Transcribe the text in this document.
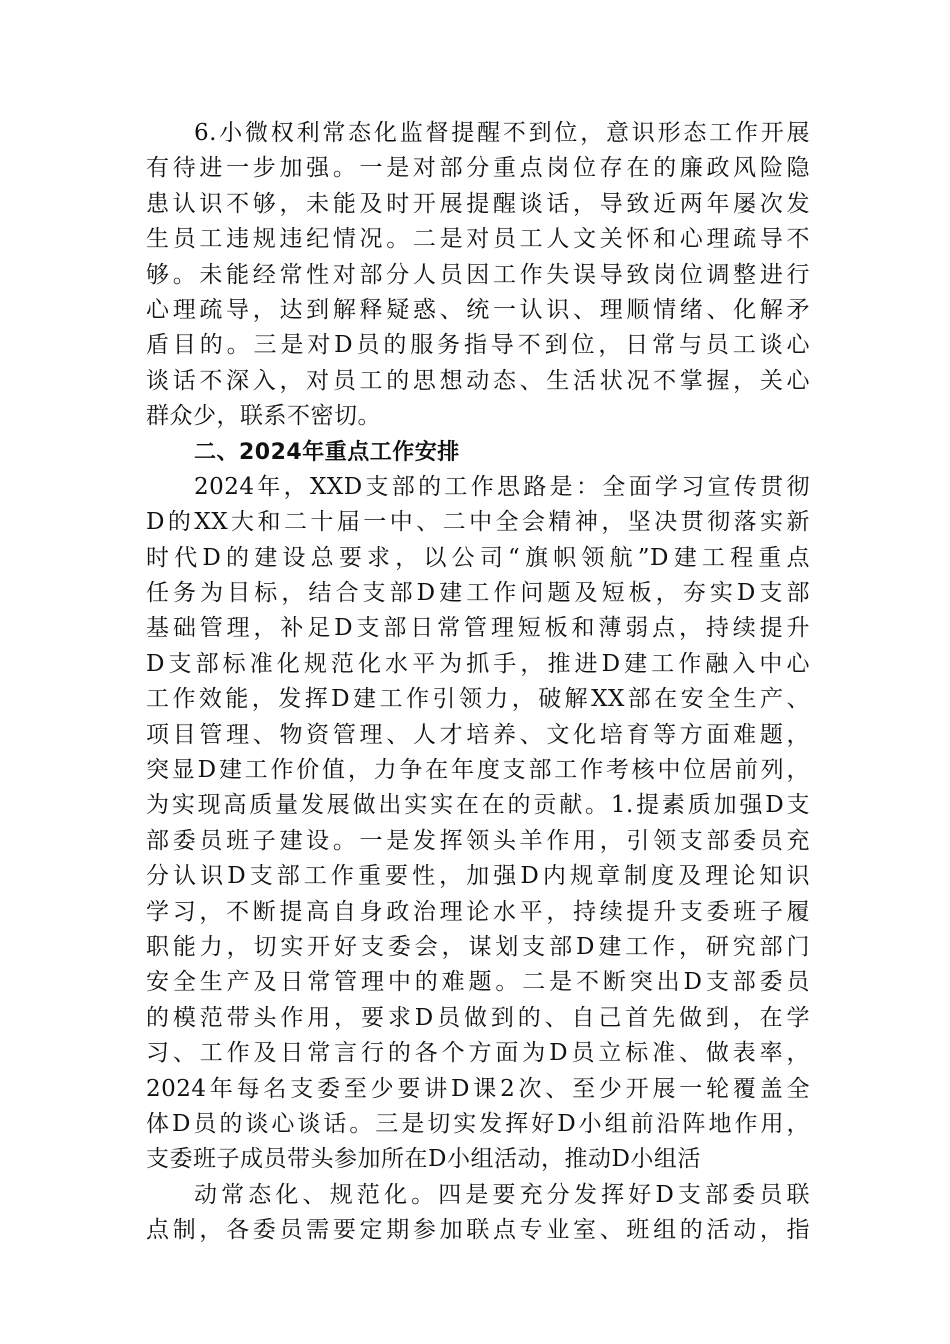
6.小微权利常态化监督提醒不到位，意识形态工作开展
有待进一步加强。一是对部分重点岗位存在的廉政风险隐
患认识不够，未能及时开展提醒谈话，导致近两年屡次发
生员工违规违纪情况。二是对员工人文关怀和心理疏导不
够。未能经常性对部分人员因工作失误导致岗位调整进行
心理疏导，达到解释疑惑、统一认识、理顺情绪、化解矛
盾目的。三是对D员的服务指导不到位，日常与员工谈心
谈话不深入，对员工的思想动态、生活状况不掌握，关心
群众少，联系不密切。
二、2024年重点工作安排
2024年，XXD支部的工作思路是：全面学习宣传贯彻
D的XX大和二十届一中、二中全会精神，坚决贯彻落实新
时代D的建设总要求，以公司“旗帜领航”D建工程重点
任务为目标，结合支部D建工作问题及短板，夯实D支部
基础管理，补足D支部日常管理短板和薄弱点，持续提升
D支部标准化规范化水平为抓手，推进D建工作融入中心
工作效能，发挥D建工作引领力，破解XX部在安全生产、
项目管理、物资管理、人才培养、文化培育等方面难题，
突显D建工作价值，力争在年度支部工作考核中位居前列，
为实现高质量发展做出实实在在的贡献。1.提素质加强D支
部委员班子建设。一是发挥领头羊作用，引领支部委员充
分认识D支部工作重要性，加强D内规章制度及理论知识
学习，不断提高自身政治理论水平，持续提升支委班子履
职能力，切实开好支委会，谋划支部D建工作，研究部门
安全生产及日常管理中的难题。二是不断突出D支部委员
的模范带头作用，要求D员做到的、自己首先做到，在学
习、工作及日常言行的各个方面为D员立标准、做表率，
2024年每名支委至少要讲D课2次、至少开展一轮覆盖全
体D员的谈心谈话。三是切实发挥好D小组前沿阵地作用，
支委班子成员带头参加所在D小组活动，推动D小组活
动常态化、规范化。四是要充分发挥好D支部委员联
点制，各委员需要定期参加联点专业室、班组的活动，指
